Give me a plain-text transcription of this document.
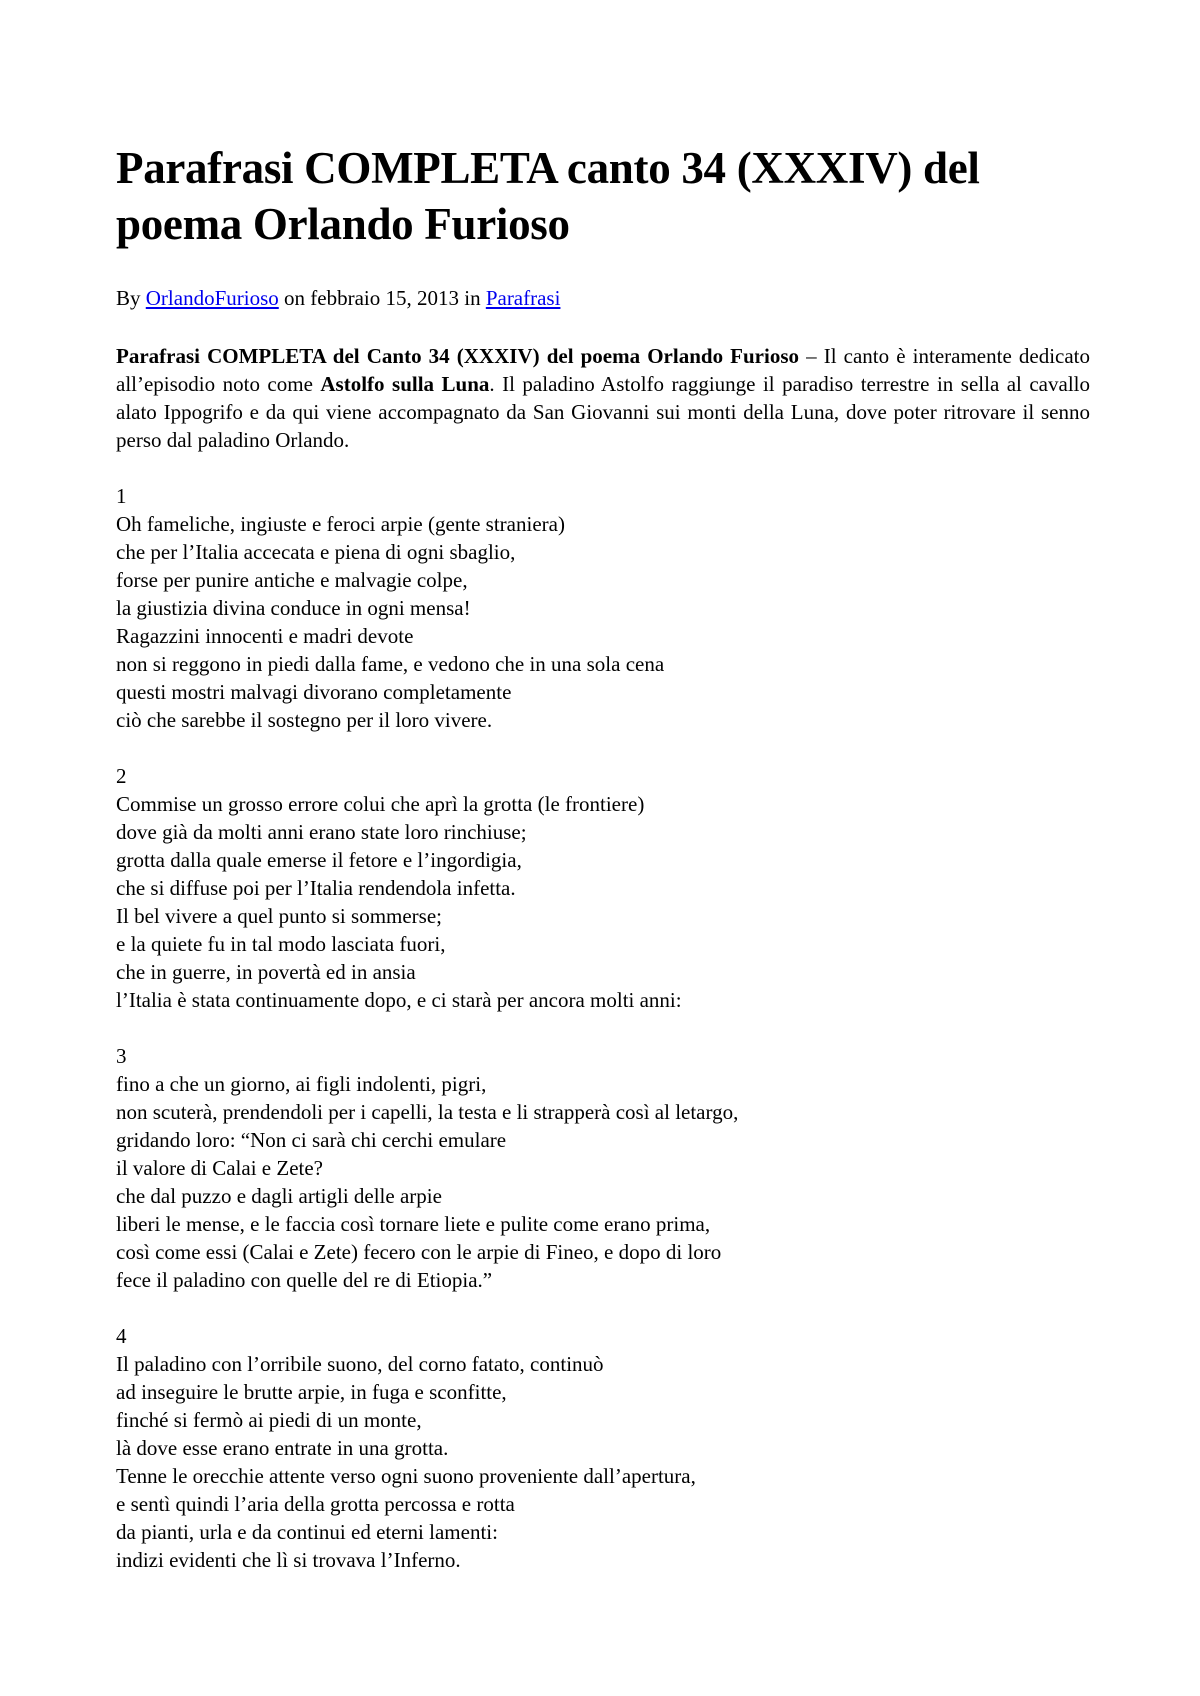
Parafrasi COMPLETA canto 34 (XXXIV) del poema Orlando Furioso
By OrlandoFurioso on febbraio 15, 2013 in Parafrasi

Parafrasi COMPLETA del Canto 34 (XXXIV) del poema Orlando Furioso – Il canto è interamente dedicato all’episodio noto come Astolfo sulla Luna. Il paladino Astolfo raggiunge il paradiso terrestre in sella al cavallo alato Ippogrifo e da qui viene accompagnato da San Giovanni sui monti della Luna, dove poter ritrovare il senno perso dal paladino Orlando.

1
Oh fameliche, ingiuste e feroci arpie (gente straniera)
che per l’Italia accecata e piena di ogni sbaglio,
forse per punire antiche e malvagie colpe,
la giustizia divina conduce in ogni mensa!
Ragazzini innocenti e madri devote
non si reggono in piedi dalla fame, e vedono che in una sola cena
questi mostri malvagi divorano completamente
ciò che sarebbe il sostegno per il loro vivere.
2
Commise un grosso errore colui che aprì la grotta (le frontiere)
dove già da molti anni erano state loro rinchiuse;
grotta dalla quale emerse il fetore e l’ingordigia,
che si diffuse poi per l’Italia rendendola infetta.
Il bel vivere a quel punto si sommerse;
e la quiete fu in tal modo lasciata fuori,
che in guerre, in povertà ed in ansia
l’Italia è stata continuamente dopo, e ci starà per ancora molti anni:
3
fino a che un giorno, ai figli indolenti, pigri,
non scuterà, prendendoli per i capelli, la testa e li strapperà così al letargo,
gridando loro: “Non ci sarà chi cerchi emulare
il valore di Calai e Zete?
che dal puzzo e dagli artigli delle arpie
liberi le mense, e le faccia così tornare liete e pulite come erano prima,
così come essi (Calai e Zete) fecero con le arpie di Fineo, e dopo di loro
fece il paladino con quelle del re di Etiopia.”
4
Il paladino con l’orribile suono, del corno fatato, continuò
ad inseguire le brutte arpie, in fuga e sconfitte,
finché si fermò ai piedi di un monte,
là dove esse erano entrate in una grotta.
Tenne le orecchie attente verso ogni suono proveniente dall’apertura,
e sentì quindi l’aria della grotta percossa e rotta
da pianti, urla e da continui ed eterni lamenti:
indizi evidenti che lì si trovava l’Inferno.
